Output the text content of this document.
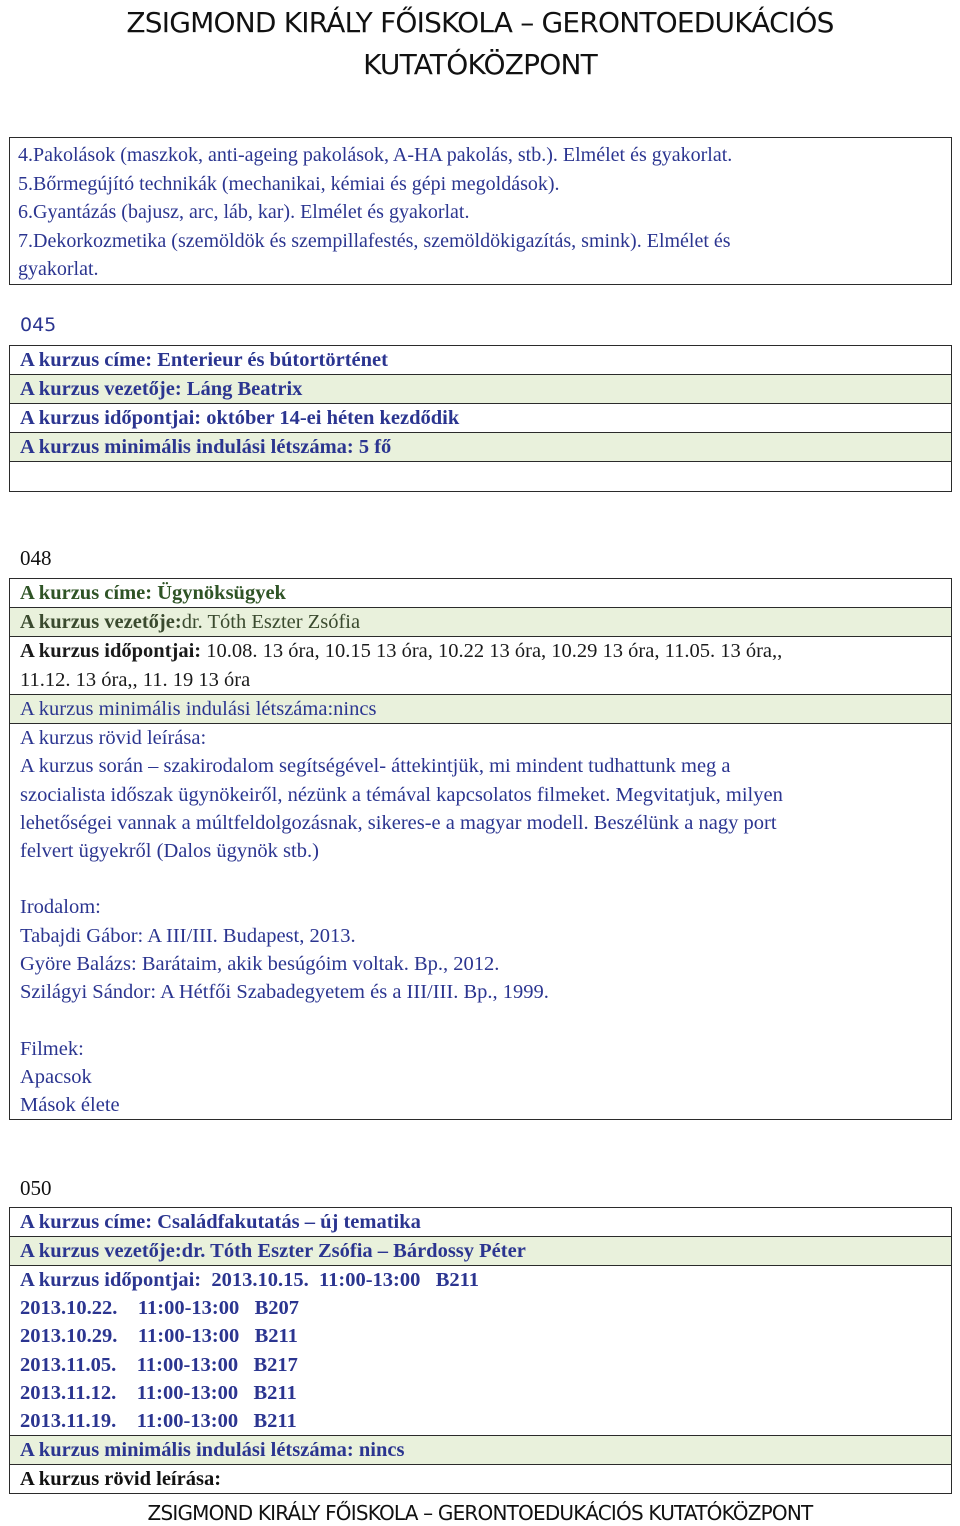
ZSIGMOND KIRÁLY FŐISKOLA – GERONTOEDUKÁCIÓS
KUTATÓKÖZPONT
4.Pakolások (maszkok, anti-ageing pakolások, A-HA pakolás, stb.). Elmélet és gyakorlat.
5.Bőrmegújító technikák (mechanikai, kémiai és gépi megoldások).
6.Gyantázás (bajusz, arc, láb, kar). Elmélet és gyakorlat.
7.Dekorkozmetika (szemöldök és szempillafestés, szemöldökigazítás, smink). Elmélet és
gyakorlat.
045
A kurzus címe: Enterieur és bútortörténet
A kurzus vezetője: Láng Beatrix
A kurzus időpontjai: október 14-ei héten kezdődik
A kurzus minimális indulási létszáma: 5 fő
048
A kurzus címe: Ügynöksügyek
A kurzus vezetője:dr. Tóth Eszter Zsófia
A kurzus időpontjai: 10.08. 13 óra, 10.15 13 óra, 10.22 13 óra, 10.29 13 óra, 11.05. 13 óra,,
11.12. 13 óra,, 11. 19 13 óra
A kurzus minimális indulási létszáma:nincs
A kurzus rövid leírása:
A kurzus során – szakirodalom segítségével- áttekintjük, mi mindent tudhattunk meg a
szocialista időszak ügynökeiről, nézünk a témával kapcsolatos filmeket. Megvitatjuk, milyen
lehetőségei vannak a múltfeldolgozásnak, sikeres-e a magyar modell. Beszélünk a nagy port
felvert ügyekről (Dalos ügynök stb.)
Irodalom:
Tabajdi Gábor: A III/III. Budapest, 2013.
Györe Balázs: Barátaim, akik besúgóim voltak. Bp., 2012.
Szilágyi Sándor: A Hétfői Szabadegyetem és a III/III. Bp., 1999.
Filmek:
Apacsok
Mások élete
050
A kurzus címe: Családfakutatás – új tematika
A kurzus vezetője:dr. Tóth Eszter Zsófia – Bárdossy Péter
A kurzus időpontjai:  2013.10.15.  11:00-13:00   B211
2013.10.22.    11:00-13:00   B207
2013.10.29.    11:00-13:00   B211
2013.11.05.    11:00-13:00   B217
2013.11.12.    11:00-13:00   B211
2013.11.19.    11:00-13:00   B211
A kurzus minimális indulási létszáma: nincs
A kurzus rövid leírása:
ZSIGMOND KIRÁLY FŐISKOLA – GERONTOEDUKÁCIÓS KUTATÓKÖZPONT
